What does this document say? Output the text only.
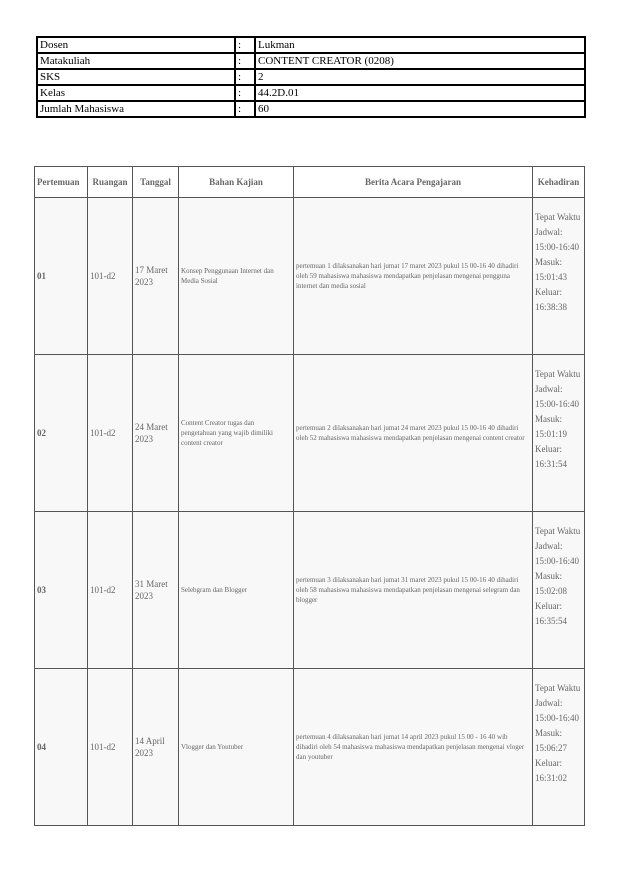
Dosen	:	Lukman
Matakuliah	:	CONTENT CREATOR (0208)
SKS	:	2
Kelas	:	44.2D.01
Jumlah Mahasiswa	:	60
Pertemuan	Ruangan	Tanggal	Bahan Kajian	Berita Acara Pengajaran	Kehadiran
01	101-d2	17 Maret 2023	Konsep Penggunaan Internet dan Media Sosial	pertemuan 1 dilaksanakan hari jumat 17 maret 2023 pukul 15 00-16 40 dihadiri oleh 59 mahasiswa mahasiswa mendapatkan penjelasan mengenai pengguna internet dan media sosial	Tepat Waktu
Jadwal: 15:00-16:40
Masuk: 15:01:43
Keluar: 16:38:38

02	101-d2	24 Maret 2023	Content Creator tugas dan pengetahuan yang wajib dimiliki content creator	pertemuan 2 dilaksanakan hari jumat 24 maret 2023 pukul 15 00-16 40 dihadiri oleh 52 mahasiswa mahasiswa mendapatkan penjelasan mengenai content creator	Tepat Waktu
Jadwal: 15:00-16:40
Masuk: 15:01:19
Keluar: 16:31:54

03	101-d2	31 Maret 2023	Selebgram dan Blogger	pertemuan 3 dilaksanakan hari jumat 31 maret 2023 pukul 15 00-16 40 dihadiri oleh 58 mahasiswa mahasiswa mendapatkan penjelasan mengenai selegram dan blogger	Tepat Waktu
Jadwal: 15:00-16:40
Masuk: 15:02:08
Keluar: 16:35:54

04	101-d2	14 April 2023	Vlogger dan Youtuber	pertemuan 4 dilaksanakan hari jumat 14 april 2023 pukul 15 00 - 16 40 wib dihadiri oleh 54 mahasiswa mahasiswa mendapatkan penjelasan mengenai vloger dan youtuber	Tepat Waktu
Jadwal: 15:00-16:40
Masuk: 15:06:27
Keluar: 16:31:02
